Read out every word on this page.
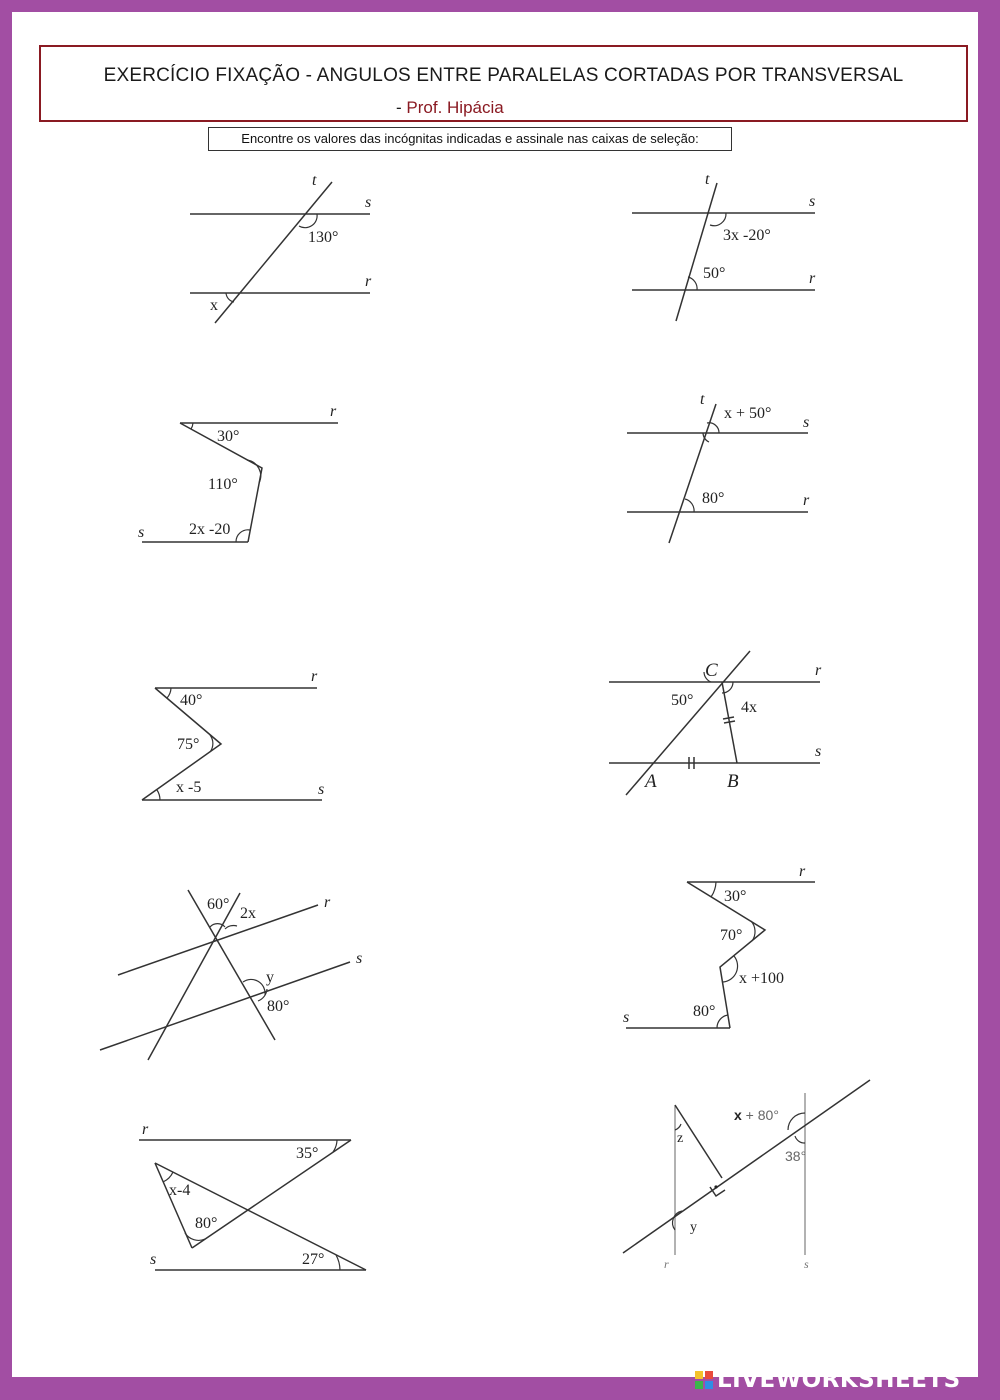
EXERCÍCIO FIXAÇÃO - ANGULOS ENTRE PARALELAS CORTADAS POR TRANSVERSAL
- Prof. Hipácia
Encontre os valores das incógnitas indicadas e assinale nas caixas de seleção:
t
s
r
130°
x
t
s
r
3x -20°
50°
r
s
30°
110°
2x -20
t
s
r
x + 50°
80°
r
s
40°
75°
x -5
C
A	B
r
s
50°	4x
r
s
60°
2x
y
80°
r
s
30°
70°
x +100
80°
r
s
35°
x-4
80°
27°
x + 80°
z
38°
y
r	s
LIVEWORKSHEETS
